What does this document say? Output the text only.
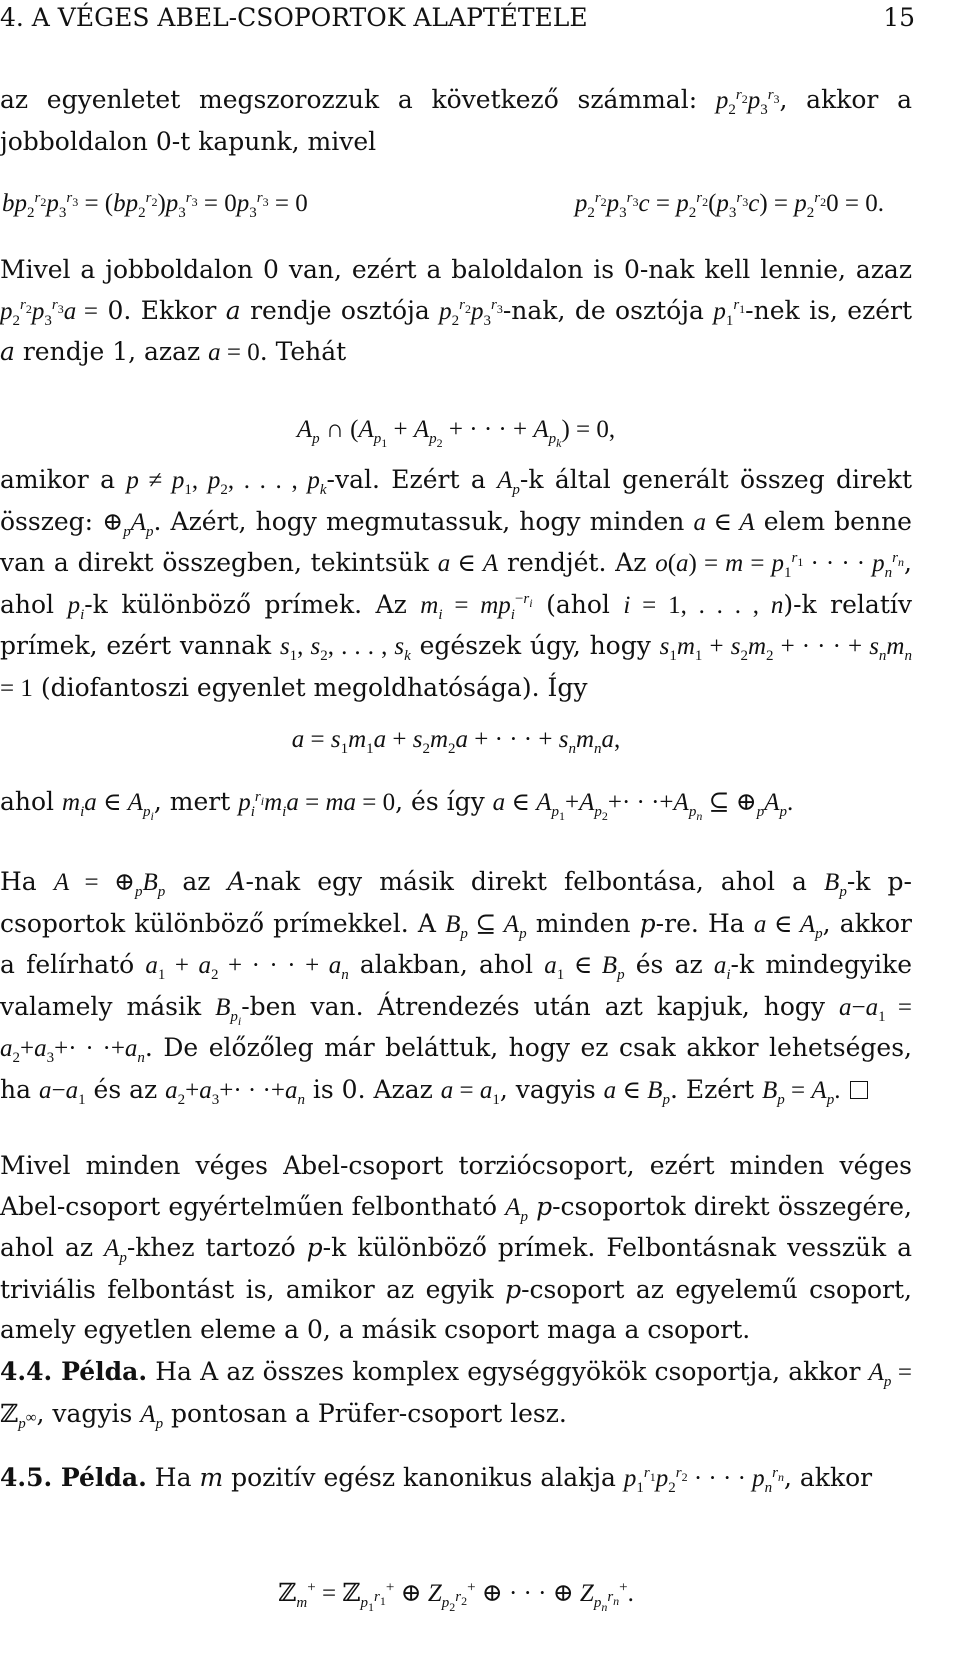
4. A VÉGES ABEL-CSOPORTOK ALAPTÉTELE	15
az egyenletet megszorozzuk a következő számmal: $p_2^{r_2}p_3^{r_3}$, akkor a jobboldalon 0-t kapunk, mivel
$bp_2^{r_2}p_3^{r_3} = (bp_2^{r_2})p_3^{r_3} = 0p_3^{r_3} = 0$	$p_2^{r_2}p_3^{r_3}c = p_2^{r_2}(p_3^{r_3}c) = p_2^{r_2}0 = 0$.
Mivel a jobboldalon 0 van, ezért a baloldalon is 0-nak kell lennie, azaz $p_2^{r_2}p_3^{r_3}a = 0$. Ekkor a rendje osztója $p_2^{r_2}p_3^{r_3}$-nak, de osztója $p_1^{r_1}$-nek is, ezért a rendje 1, azaz a = 0. Tehát
$A_p$ ∩ ($A_{p_1} + A_{p_2}$ + · · · + $A_{p_k}) = 0$,
amikor a $p \ne p_1$, $p_2$, . . . , $p_k$-val. Ezért a $A_p-k$ által generált összeg direkt összeg: $\oplus_pA_p$. Azért, hogy megmutassuk, hogy minden a ∈ A elem benne van a direkt összegben, tekintsük a ∈ A rendjét. Az $o(a) = m = p_1^{r_1}$ · · · · $p_n^{r_n}$, ahol $p_i-k$ különböző prímek. Az $m_i = mp_i^{-r_i}$ (ahol i = 1, . . . , n)-k relatív prímek, ezért vannak $s_1$, $s_2$, . . . , $s_k$ egészek úgy, hogy $s_1m_1 + s_2m_2$ + · · · + $s_nm_n = 1$ (diofantoszi egyenlet megoldhatósága). Így
$a = s_1m_1a + s_2m_2a$ + · · · + $s_nm_na$,
ahol $m_ia$ ∈ $A_{p_i}$, mert $p_i^{r_i}m_ia$ = ma = 0, és így a ∈ $A_{p_1}+A_{p_2}+\cdot \cdot \cdot+A_{p_n}$ ⊆ $\oplus_pA_p$.
Ha $A = \oplus_pB_p$ az A-nak egy másik direkt felbontása, ahol a $B_p-k$ p-csoportok különböző prímekkel. A $B_p$ ⊆ $A_p$ minden p-re. Ha a ∈ $A_p$, akkor a felírható $a_1 + a_2$ + · · · + $a_n$ alakban, ahol $a_1$ ∈ $B_p$ és az $a_i-k$ mindegyike valamely másik $B_{p_i}$-ben van. Átrendezés után azt kapjuk, hogy $a-a_1 = a_2+a_3+\cdot \cdot \cdot+a_n$. De előzőleg már beláttuk, hogy ez csak akkor lehetséges, ha $a-a_1$ és az $a_2+a_3+\cdot \cdot \cdot+a_n$ is 0. Azaz $a = a_1$, vagyis a ∈ $B_p$. Ezért $B_p = A_p$.
Mivel minden véges Abel-csoport torziócsoport, ezért minden véges Abel-csoport egyértelműen felbontható $A_p$ p-csoportok direkt összegére, ahol az $A_p$-khez tartozó p-k különböző prímek. Felbontásnak vesszük a triviális felbontást is, amikor az egyik p-csoport az egyelemű csoport, amely egyetlen eleme a 0, a másik csoport maga a csoport.
4.4. Példa. Ha A az összes komplex egységgyökök csoportja, akkor $A_p$ = ℤ$_{p^\infty}$, vagyis $A_p$ pontosan a Prüfer-csoport lesz.
4.5. Példa. Ha m pozitív egész kanonikus alakja $p_1^{r_1}p_2^{r_2}$ · · · · $p_n^{r_n}$, akkor
ℤ$_m$+ = ℤ$_{p_1^{r_1}}$+ ⊕ $Z_{p_2^{r_2}}^+$ ⊕ · · · ⊕ $Z_{p_n^{r_n}}^+$.
